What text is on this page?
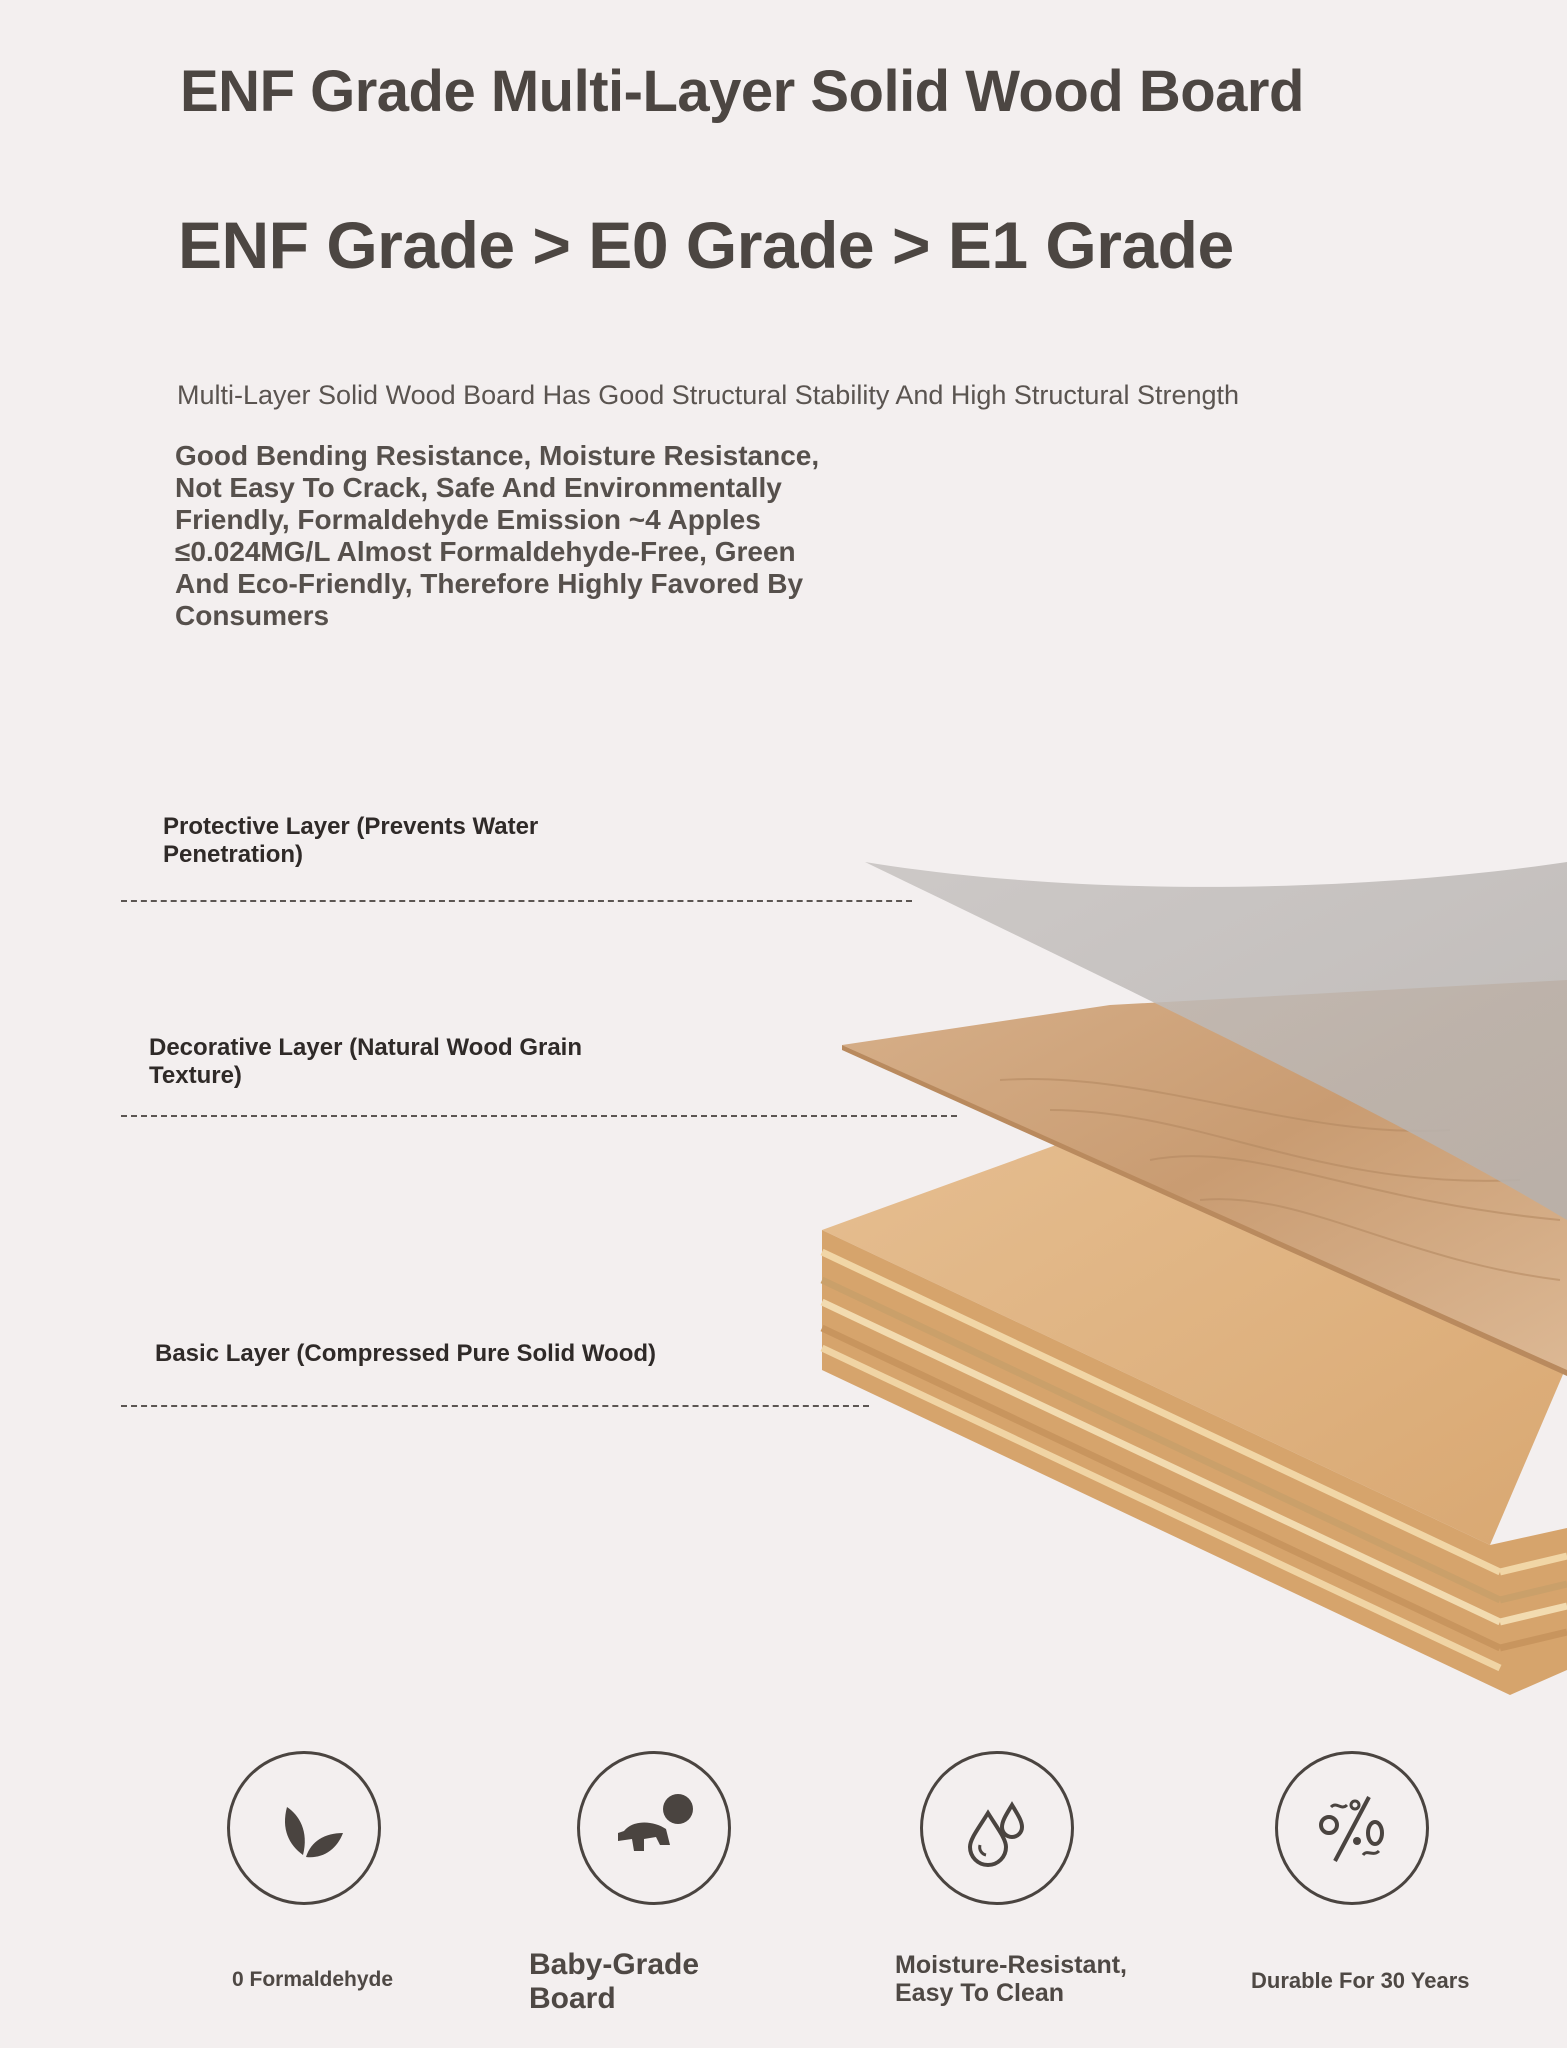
ENF Grade Multi-Layer Solid Wood Board
ENF Grade > E0 Grade > E1 Grade
Multi-Layer Solid Wood Board Has Good Structural Stability And High Structural Strength
Good Bending Resistance, Moisture Resistance, Not Easy To Crack, Safe And Environmentally Friendly, Formaldehyde Emission ~4 Apples ≤0.024MG/L Almost Formaldehyde-Free, Green And Eco-Friendly, Therefore Highly Favored By Consumers
Protective Layer (Prevents Water Penetration)
Decorative Layer (Natural Wood Grain Texture)
Basic Layer (Compressed Pure Solid Wood)
0 Formaldehyde	Baby-Grade Board
Moisture-Resistant, Easy To Clean	Durable For 30 Years
